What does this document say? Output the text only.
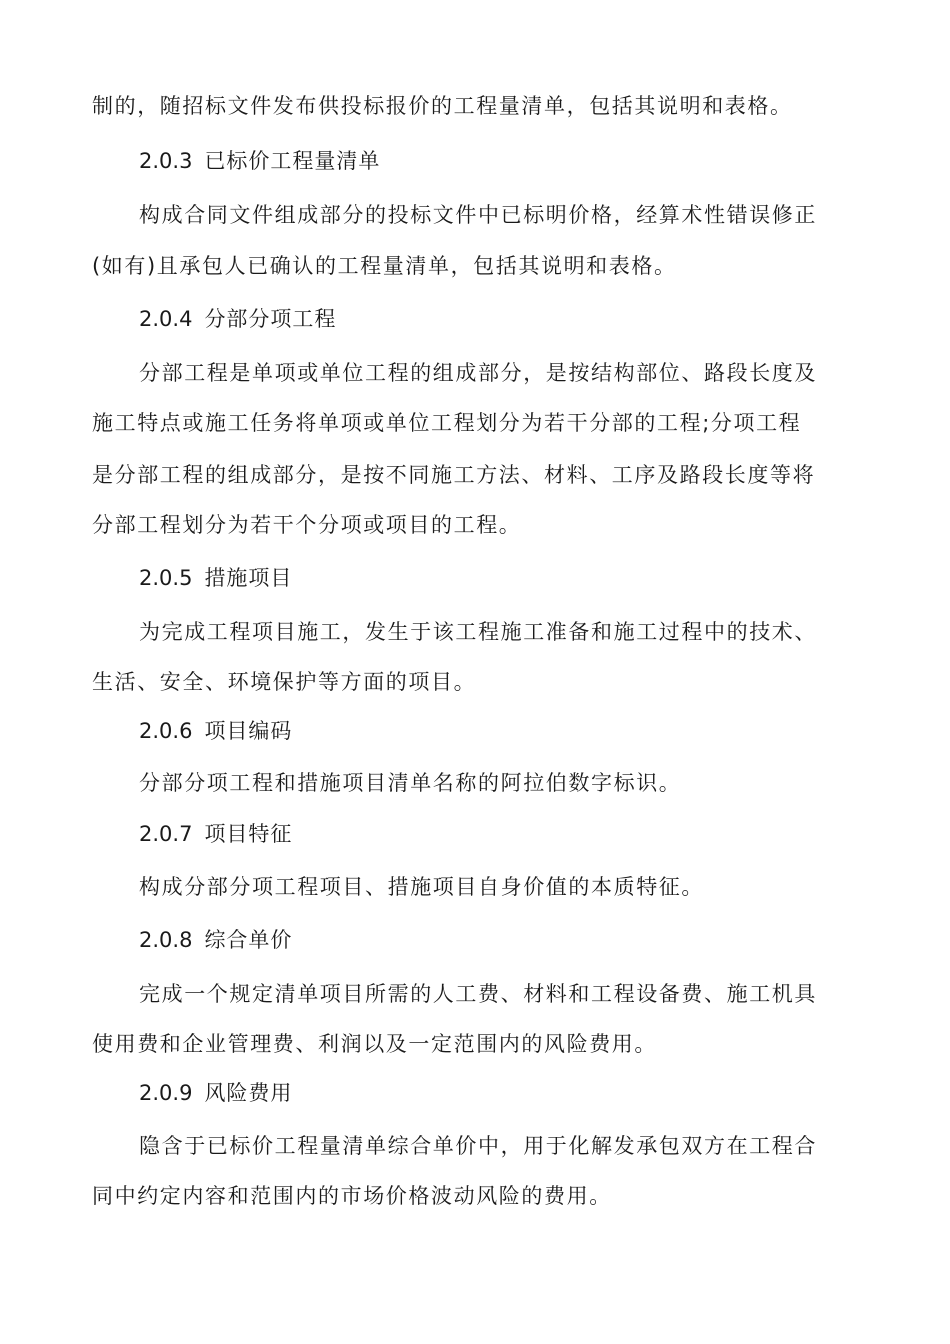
制的，随招标文件发布供投标报价的工程量清单，包括其说明和表格。
2.0.3 已标价工程量清单
构成合同文件组成部分的投标文件中已标明价格，经算术性错误修正
(如有)且承包人已确认的工程量清单，包括其说明和表格。
2.0.4 分部分项工程
分部工程是单项或单位工程的组成部分，是按结构部位、路段长度及
施工特点或施工任务将单项或单位工程划分为若干分部的工程;分项工程
是分部工程的组成部分，是按不同施工方法、材料、工序及路段长度等将
分部工程划分为若干个分项或项目的工程。
2.0.5 措施项目
为完成工程项目施工，发生于该工程施工准备和施工过程中的技术、
生活、安全、环境保护等方面的项目。
2.0.6 项目编码
分部分项工程和措施项目清单名称的阿拉伯数字标识。
2.0.7 项目特征
构成分部分项工程项目、措施项目自身价值的本质特征。
2.0.8 综合单价
完成一个规定清单项目所需的人工费、材料和工程设备费、施工机具
使用费和企业管理费、利润以及一定范围内的风险费用。
2.0.9 风险费用
隐含于已标价工程量清单综合单价中，用于化解发承包双方在工程合
同中约定内容和范围内的市场价格波动风险的费用。
